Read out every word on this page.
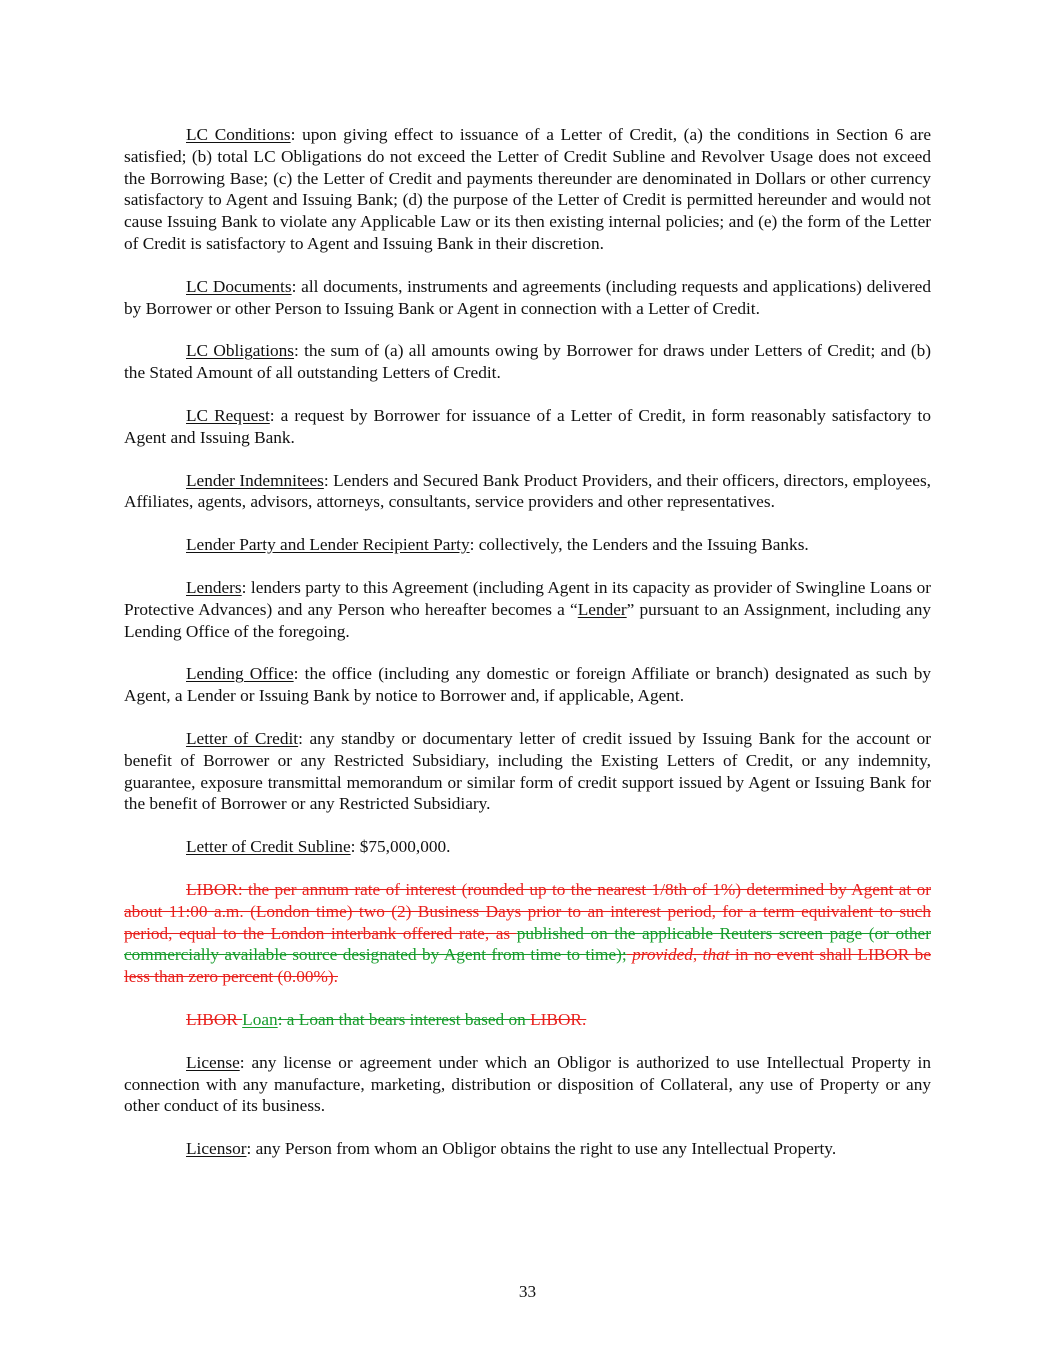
LC Conditions: upon giving effect to issuance of a Letter of Credit, (a) the conditions in Section 6 are satisfied; (b) total LC Obligations do not exceed the Letter of Credit Subline and Revolver Usage does not exceed the Borrowing Base; (c) the Letter of Credit and payments thereunder are denominated in Dollars or other currency satisfactory to Agent and Issuing Bank; (d) the purpose of the Letter of Credit is permitted hereunder and would not cause Issuing Bank to violate any Applicable Law or its then existing internal policies; and (e) the form of the Letter of Credit is satisfactory to Agent and Issuing Bank in their discretion.

LC Documents: all documents, instruments and agreements (including requests and applications) delivered by Borrower or other Person to Issuing Bank or Agent in connection with a Letter of Credit.

LC Obligations: the sum of (a) all amounts owing by Borrower for draws under Letters of Credit; and (b) the Stated Amount of all outstanding Letters of Credit.

LC Request: a request by Borrower for issuance of a Letter of Credit, in form reasonably satisfactory to Agent and Issuing Bank.

Lender Indemnitees: Lenders and Secured Bank Product Providers, and their officers, directors, employees, Affiliates, agents, advisors, attorneys, consultants, service providers and other representatives.

Lender Party and Lender Recipient Party: collectively, the Lenders and the Issuing Banks.

Lenders: lenders party to this Agreement (including Agent in its capacity as provider of Swingline Loans or Protective Advances) and any Person who hereafter becomes a “Lender” pursuant to an Assignment, including any Lending Office of the foregoing.

Lending Office: the office (including any domestic or foreign Affiliate or branch) designated as such by Agent, a Lender or Issuing Bank by notice to Borrower and, if applicable, Agent.

Letter of Credit: any standby or documentary letter of credit issued by Issuing Bank for the account or benefit of Borrower or any Restricted Subsidiary, including the Existing Letters of Credit, or any indemnity, guarantee, exposure transmittal memorandum or similar form of credit support issued by Agent or Issuing Bank for the benefit of Borrower or any Restricted Subsidiary.

Letter of Credit Subline: $75,000,000.

LIBOR: the per annum rate of interest (rounded up to the nearest 1/8th of 1%) determined by Agent at or about 11:00 a.m. (London time) two (2) Business Days prior to an interest period, for a term equivalent to such period, equal to the London interbank offered rate, as published on the applicable Reuters screen page (or other commercially available source designated by Agent from time to time); provided, that in no event shall LIBOR be less than zero percent (0.00%).

LIBOR Loan: a Loan that bears interest based on LIBOR.

License: any license or agreement under which an Obligor is authorized to use Intellectual Property in connection with any manufacture, marketing, distribution or disposition of Collateral, any use of Property or any other conduct of its business.

Licensor: any Person from whom an Obligor obtains the right to use any Intellectual Property.

33
